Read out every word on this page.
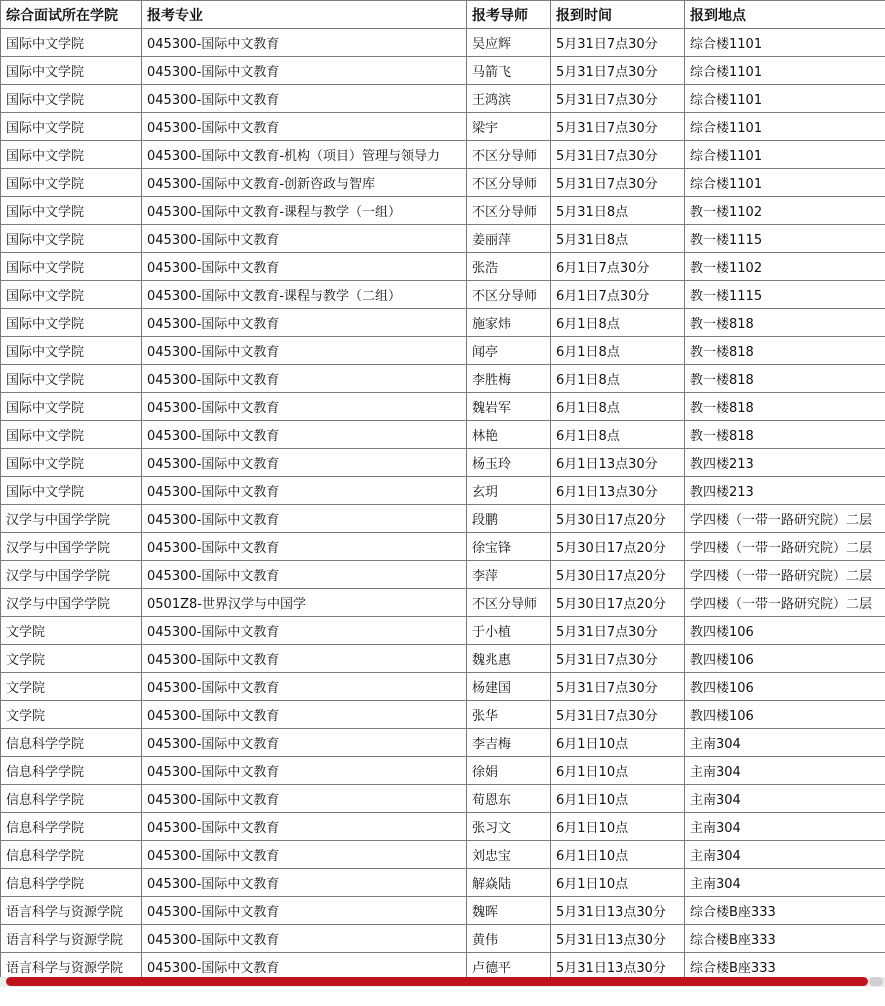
综合面试所在学院	报考专业	报考导师	报到时间	报到地点
国际中文学院	045300-国际中文教育	吴应辉	5月31日7点30分	综合楼1101
国际中文学院	045300-国际中文教育	马箭飞	5月31日7点30分	综合楼1101
国际中文学院	045300-国际中文教育	王鸿滨	5月31日7点30分	综合楼1101
国际中文学院	045300-国际中文教育	梁宇	5月31日7点30分	综合楼1101
国际中文学院	045300-国际中文教育-机构（项目）管理与领导力	不区分导师	5月31日7点30分	综合楼1101
国际中文学院	045300-国际中文教育-创新咨政与智库	不区分导师	5月31日7点30分	综合楼1101
国际中文学院	045300-国际中文教育-课程与教学（一组）	不区分导师	5月31日8点	教一楼1102
国际中文学院	045300-国际中文教育	姜丽萍	5月31日8点	教一楼1115
国际中文学院	045300-国际中文教育	张浩	6月1日7点30分	教一楼1102
国际中文学院	045300-国际中文教育-课程与教学（二组）	不区分导师	6月1日7点30分	教一楼1115
国际中文学院	045300-国际中文教育	施家炜	6月1日8点	教一楼818
国际中文学院	045300-国际中文教育	闻亭	6月1日8点	教一楼818
国际中文学院	045300-国际中文教育	李胜梅	6月1日8点	教一楼818
国际中文学院	045300-国际中文教育	魏岩军	6月1日8点	教一楼818
国际中文学院	045300-国际中文教育	林艳	6月1日8点	教一楼818
国际中文学院	045300-国际中文教育	杨玉玲	6月1日13点30分	教四楼213
国际中文学院	045300-国际中文教育	玄玥	6月1日13点30分	教四楼213
汉学与中国学学院	045300-国际中文教育	段鹏	5月30日17点20分	学四楼（一带一路研究院）二层
汉学与中国学学院	045300-国际中文教育	徐宝锋	5月30日17点20分	学四楼（一带一路研究院）二层
汉学与中国学学院	045300-国际中文教育	李萍	5月30日17点20分	学四楼（一带一路研究院）二层
汉学与中国学学院	0501Z8-世界汉学与中国学	不区分导师	5月30日17点20分	学四楼（一带一路研究院）二层
文学院	045300-国际中文教育	于小植	5月31日7点30分	教四楼106
文学院	045300-国际中文教育	魏兆惠	5月31日7点30分	教四楼106
文学院	045300-国际中文教育	杨建国	5月31日7点30分	教四楼106
文学院	045300-国际中文教育	张华	5月31日7点30分	教四楼106
信息科学学院	045300-国际中文教育	李吉梅	6月1日10点	主南304
信息科学学院	045300-国际中文教育	徐娟	6月1日10点	主南304
信息科学学院	045300-国际中文教育	荀恩东	6月1日10点	主南304
信息科学学院	045300-国际中文教育	张习文	6月1日10点	主南304
信息科学学院	045300-国际中文教育	刘忠宝	6月1日10点	主南304
信息科学学院	045300-国际中文教育	解焱陆	6月1日10点	主南304
语言科学与资源学院	045300-国际中文教育	魏晖	5月31日13点30分	综合楼B座333
语言科学与资源学院	045300-国际中文教育	黄伟	5月31日13点30分	综合楼B座333
语言科学与资源学院	045300-国际中文教育	卢德平	5月31日13点30分	综合楼B座333
